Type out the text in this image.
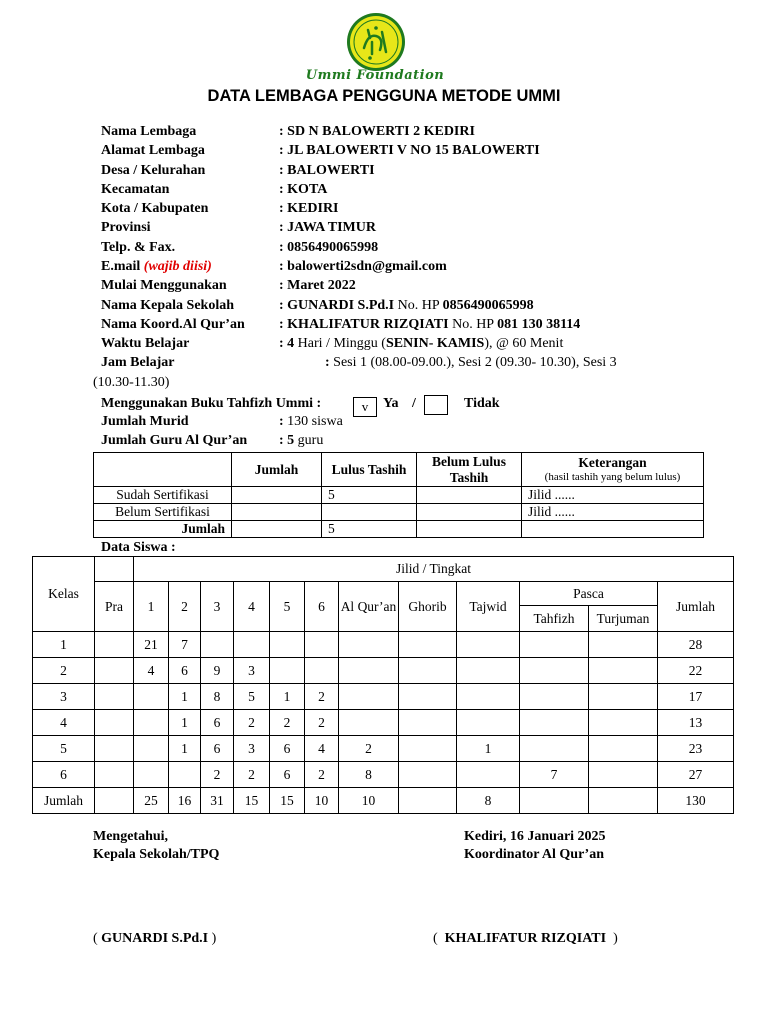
Ummi Foundation
DATA LEMBAGA PENGGUNA METODE UMMI
Nama Lembaga	: SD N BALOWERTI 2 KEDIRI
Alamat Lembaga	: JL BALOWERTI V NO 15 BALOWERTI
Desa / Kelurahan	: BALOWERTI
Kecamatan	: KOTA
Kota / Kabupaten	: KEDIRI
Provinsi	: JAWA TIMUR
Telp. & Fax.	: 0856490065998
E.mail (wajib diisi)	: balowerti2sdn@gmail.com
Mulai Menggunakan	: Maret 2022
Nama Kepala Sekolah	: GUNARDI S.Pd.I No. HP 0856490065998
Nama Koord.Al Qur’an : KHALIFATUR RIZQIATI No. HP 081 130 38114
Waktu Belajar	: 4 Hari / Minggu (SENIN- KAMIS), @ 60 Menit
Jam Belajar	: Sesi 1 (08.00-09.00.), Sesi 2 (09.30- 10.30), Sesi 3
(10.30-11.30)
Menggunakan Buku Tahfizh Ummi :	v	Ya /	Tidak
Jumlah Murid	: 130 siswa
Jumlah Guru Al Qur’an : 5 guru
	Jumlah	Lulus Tashih	Belum Lulus Tashih	Keterangan
(hasil tashih yang belum lulus)

Sudah Sertifikasi		5		Jilid ......
Belum Sertifikasi				Jilid ......
Jumlah		5		
Data Siswa :
Kelas		Jilid / Tingkat											
	Pra	1	2	3	4	5	6	Al Qur’an	Ghorib	Tajwid	Pasca		Jumlah
											Tahfizh	Turjuman	
1		21	7										28
2		4	6	9	3								22
3			1	8	5	1	2						17
4			1	6	2	2	2						13
5			1	6	3	6	4	2		1			23
6				2	2	6	2	8			7		27
Jumlah		25	16	31	15	15	10	10		8			130
Mengetahui,
Kepala Sekolah/TPQ
Kediri, 16 Januari 2025
Koordinator Al Qur’an
( GUNARDI S.Pd.I )	(  KHALIFATUR RIZQIATI  )
